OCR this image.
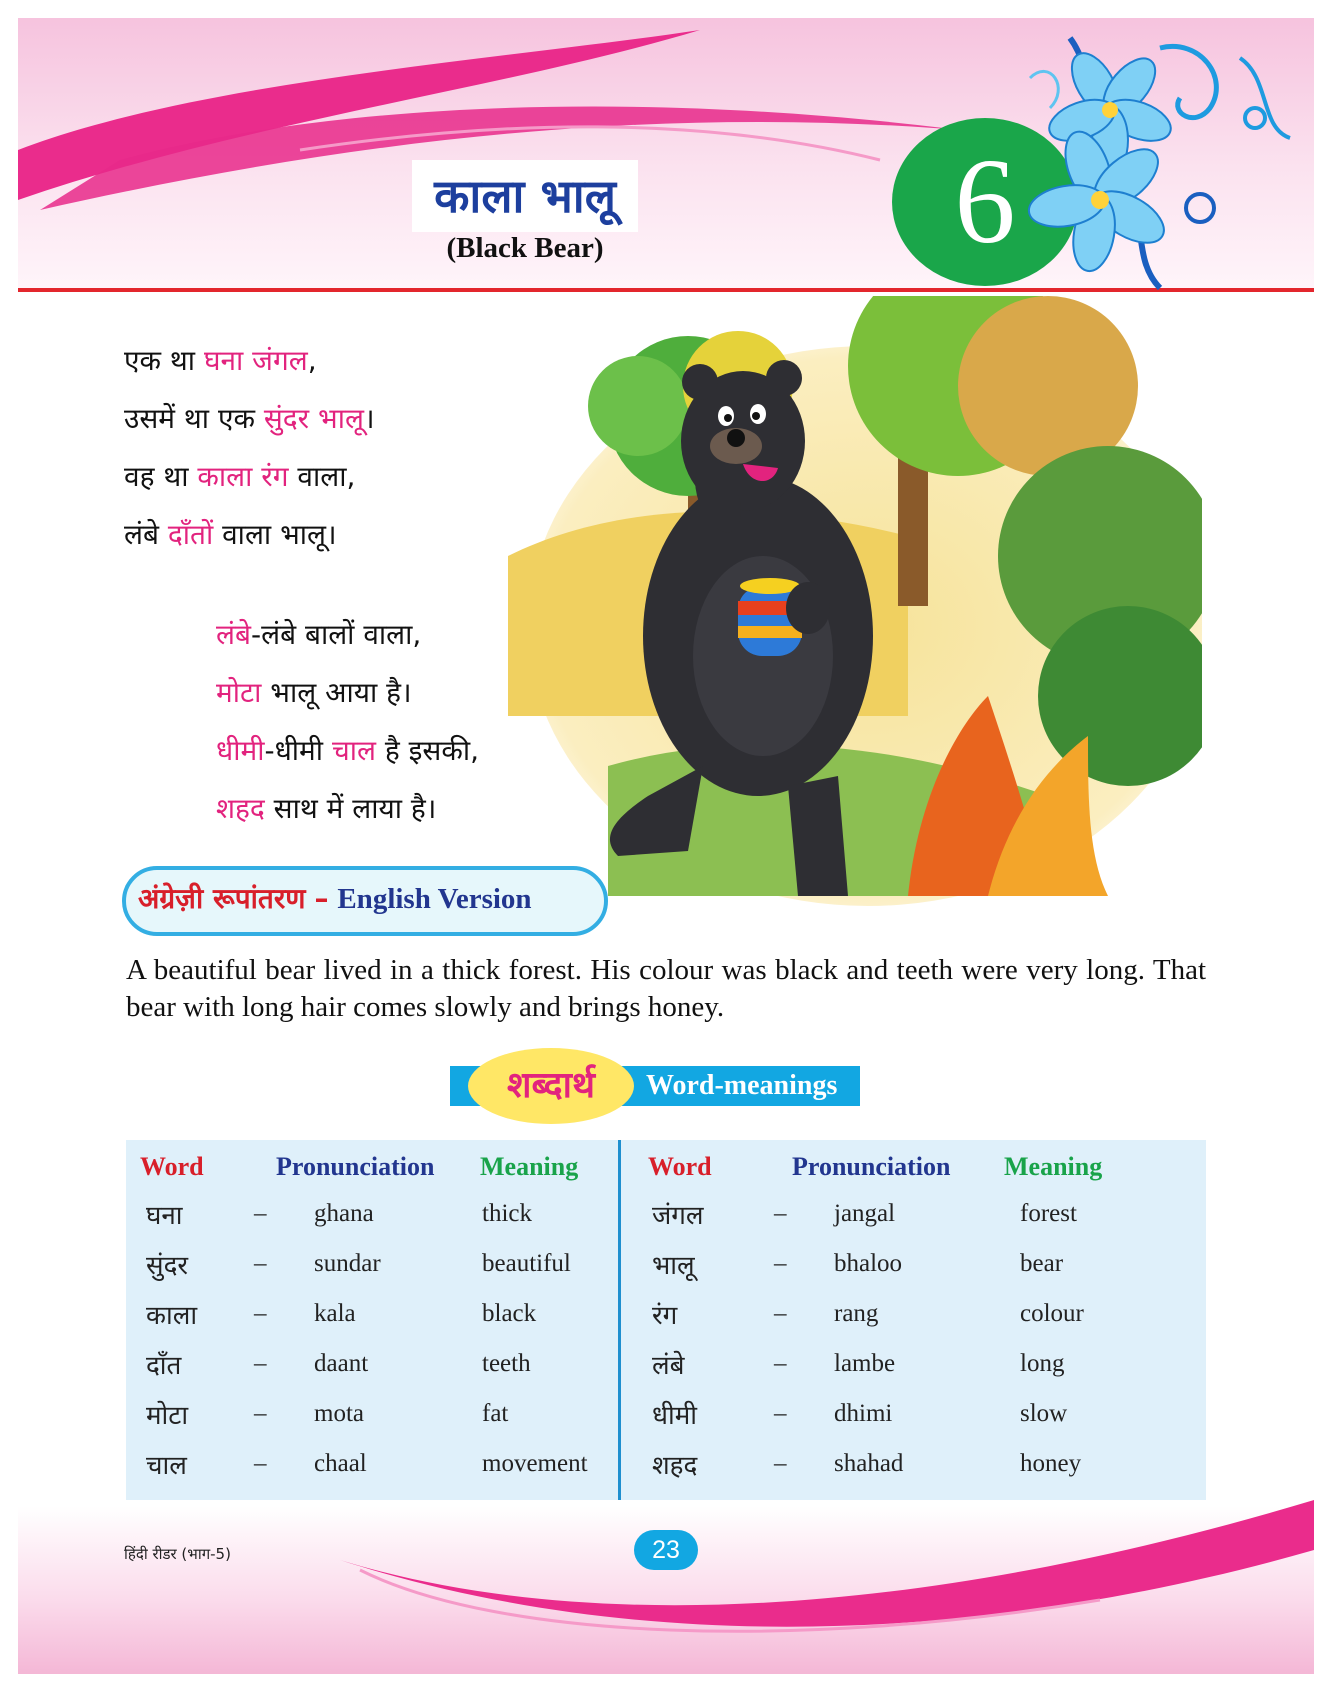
काला भालू
(Black Bear)	6
एक था घना जंगल,
उसमें था एक सुंदर भालू।
वह था काला रंग वाला,
लंबे दाँतों वाला भालू।
लंबे-लंबे बालों वाला,
मोटा भालू आया है।
धीमी-धीमी चाल है इसकी,
शहद साथ में लाया है।
अंग्रेज़ी रूपांतरण – English Version
A beautiful bear lived in a thick forest. His colour was black and teeth were very long. That bear with long hair comes slowly and brings honey.
शब्दार्थ	Word-meanings
Word	Pronunciation Meaning	Word	Pronunciation Meaning
घना	– ghana	thick
सुंदर	– sundar	beautiful
काला – kala	black
दाँत	– daant	teeth
मोटा	– mota	fat
चाल	– chaal	movement
जंगल	– jangal	forest
भालू	– bhaloo	bear
रंग	– rang	colour
लंबे	– lambe	long
धीमी	– dhimi	slow
शहद	– shahad	honey
हिंदी रीडर (भाग-5)	23
